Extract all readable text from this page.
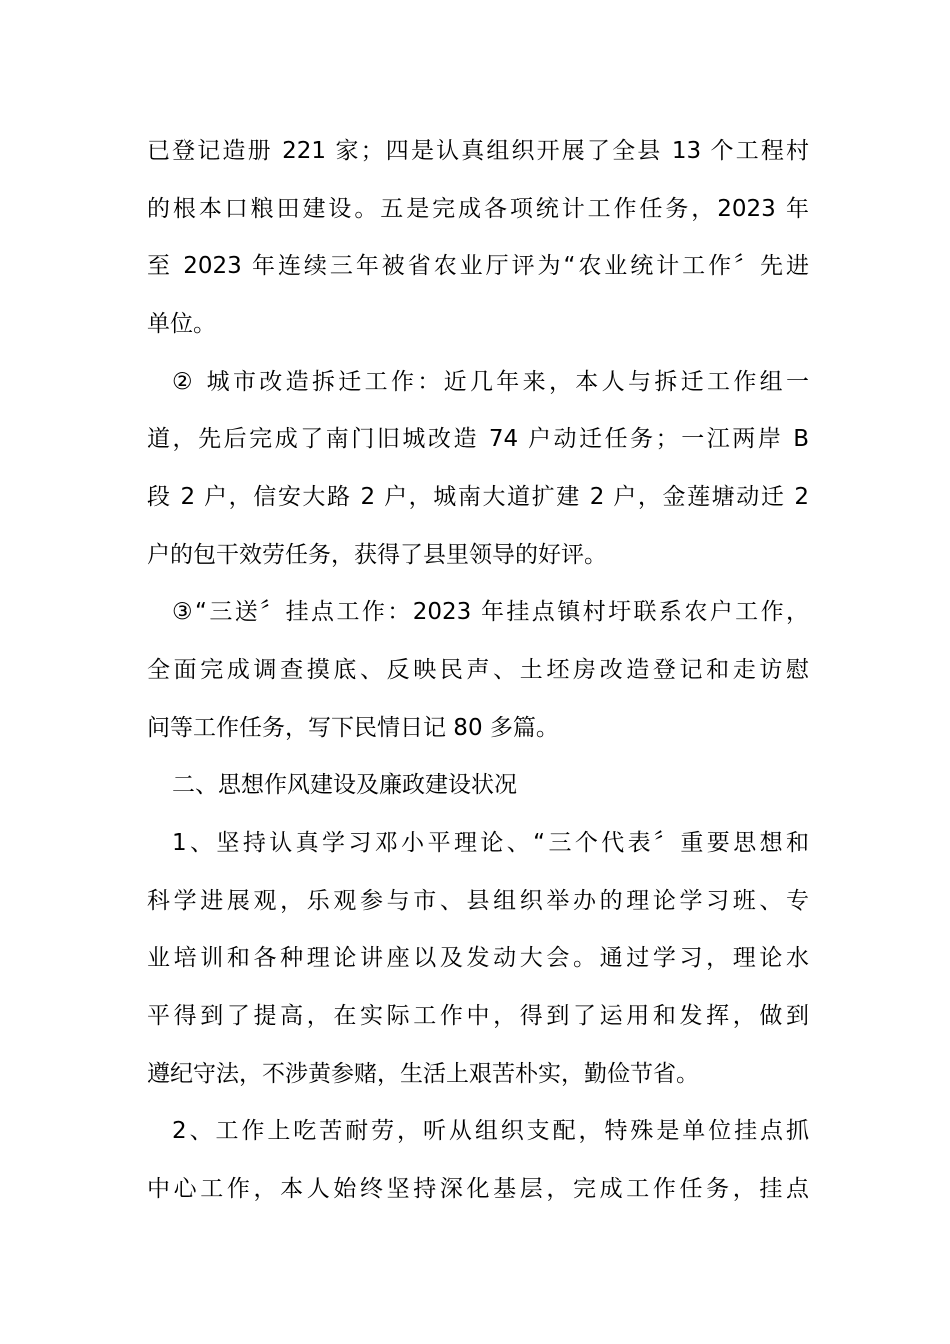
已登记造册 221 家；四是认真组织开展了全县 13 个工程村
的根本口粮田建设。五是完成各项统计工作任务，2023 年
至 2023 年连续三年被省农业厅评为“农业统计工作〞先进
单位。
② 城市改造拆迁工作：近几年来，本人与拆迁工作组一
道，先后完成了南门旧城改造 74 户动迁任务；一江两岸 B
段 2 户，信安大路 2 户，城南大道扩建 2 户，金莲塘动迁 2
户的包干效劳任务，获得了县里领导的好评。
③“三送〞挂点工作：2023 年挂点镇村圩联系农户工作，
全面完成调查摸底、反映民声、土坯房改造登记和走访慰
问等工作任务，写下民情日记 80 多篇。
二、思想作风建设及廉政建设状况
1、坚持认真学习邓小平理论、“三个代表〞重要思想和
科学进展观，乐观参与市、县组织举办的理论学习班、专
业培训和各种理论讲座以及发动大会。通过学习，理论水
平得到了提高，在实际工作中，得到了运用和发挥，做到
遵纪守法，不涉黄参赌，生活上艰苦朴实，勤俭节省。
2、工作上吃苦耐劳，听从组织支配，特殊是单位挂点抓
中心工作，本人始终坚持深化基层，完成工作任务，挂点
